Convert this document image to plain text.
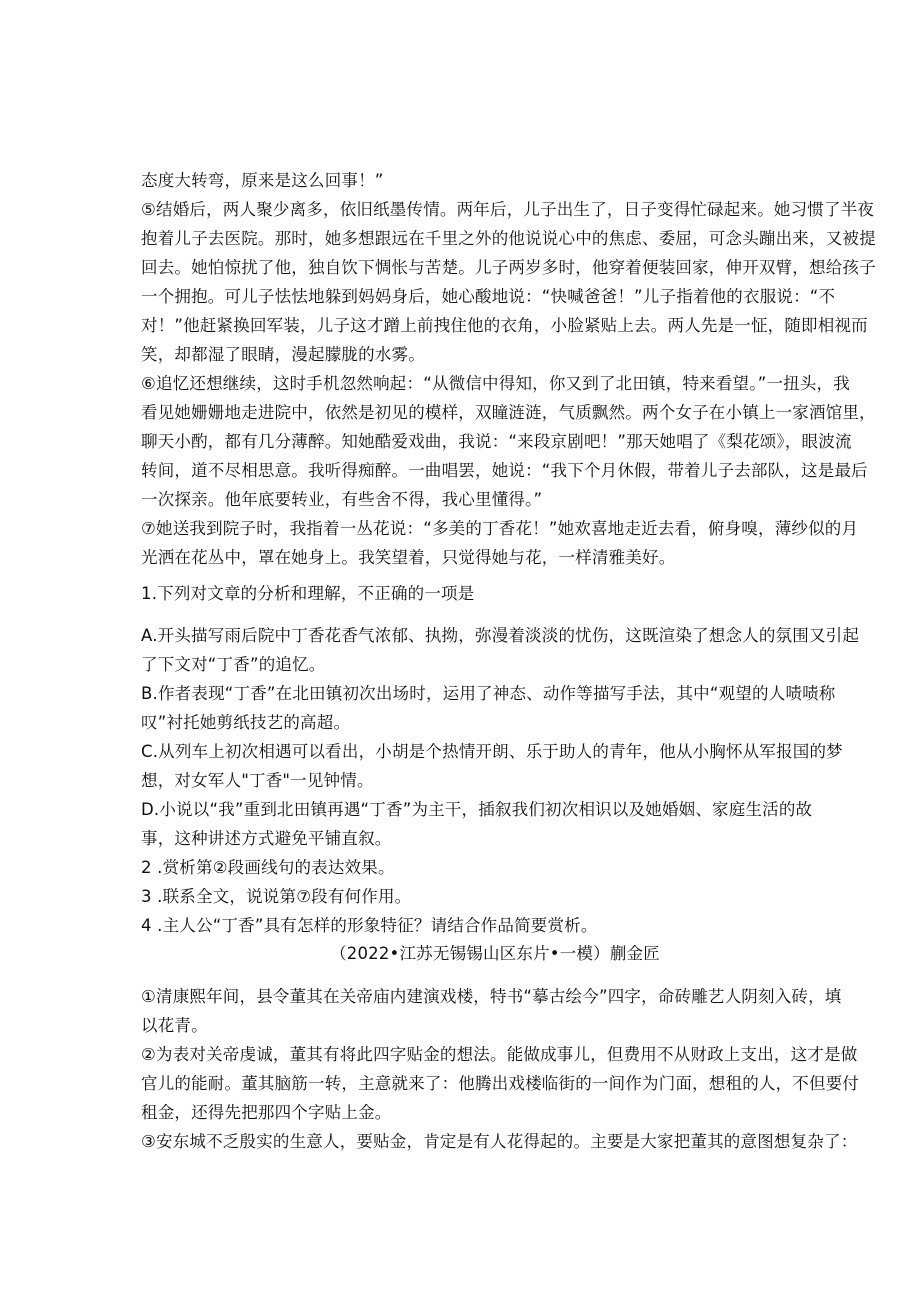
态度大转弯，原来是这么回事！”
⑤结婚后，两人聚少离多，依旧纸墨传情。两年后，儿子出生了，日子变得忙碌起来。她习惯了半夜
抱着儿子去医院。那时，她多想跟远在千里之外的他说说心中的焦虑、委屈，可念头蹦出来，又被提
回去。她怕惊扰了他，独自饮下惆怅与苦楚。儿子两岁多时，他穿着便装回家，伸开双臂，想给孩子
一个拥抱。可儿子怯怯地躲到妈妈身后，她心酸地说：“快喊爸爸！”儿子指着他的衣服说：“不
对！”他赶紧换回军装，儿子这才蹭上前拽住他的衣角，小脸紧贴上去。两人先是一怔，随即相视而
笑，却都湿了眼睛，漫起朦胧的水雾。
⑥追忆还想继续，这时手机忽然响起：“从微信中得知，你又到了北田镇，特来看望。”一扭头，我
看见她姗姗地走进院中，依然是初见的模样，双瞳涟涟，气质飘然。两个女子在小镇上一家酒馆里，
聊天小酌，都有几分薄醉。知她酷爱戏曲，我说：“来段京剧吧！”那天她唱了《梨花颂》，眼波流
转间，道不尽相思意。我听得痴醉。一曲唱罢，她说：“我下个月休假，带着儿子去部队，这是最后
一次探亲。他年底要转业，有些舍不得，我心里懂得。”
⑦她送我到院子时，我指着一丛花说：“多美的丁香花！”她欢喜地走近去看，俯身嗅，薄纱似的月
光洒在花丛中，罩在她身上。我笑望着，只觉得她与花，一样清雅美好。
1.下列对文章的分析和理解，不正确的一项是
A.开头描写雨后院中丁香花香气浓郁、执拗，弥漫着淡淡的忧伤，这既渲染了想念人的氛围又引起
了下文对“丁香”的追忆。
B.作者表现“丁香”在北田镇初次出场时，运用了神态、动作等描写手法，其中“观望的人啧啧称
叹”衬托她剪纸技艺的高超。
C.从列车上初次相遇可以看出，小胡是个热情开朗、乐于助人的青年，他从小胸怀从军报国的梦
想，对女军人"丁香"一见钟情。
D.小说以“我”重到北田镇再遇“丁香”为主干，插叙我们初次相识以及她婚姻、家庭生活的故
事，这种讲述方式避免平铺直叙。
2 .赏析第②段画线句的表达效果。
3 .联系全文，说说第⑦段有何作用。
4 .主人公“丁香”具有怎样的形象特征？请结合作品简要赏析。
（2022•江苏无锡锡山区东片•一模）蒯金匠
①清康熙年间，县令董其在关帝庙内建演戏楼，特书“摹古绘今”四字，命砖雕艺人阴刻入砖，填
以花青。
②为表对关帝虔诚，董其有将此四字贴金的想法。能做成事儿，但费用不从财政上支出，这才是做
官儿的能耐。董其脑筋一转，主意就来了：他腾出戏楼临街的一间作为门面，想租的人，不但要付
租金，还得先把那四个字贴上金。
③安东城不乏殷实的生意人，要贴金，肯定是有人花得起的。主要是大家把董其的意图想复杂了：
